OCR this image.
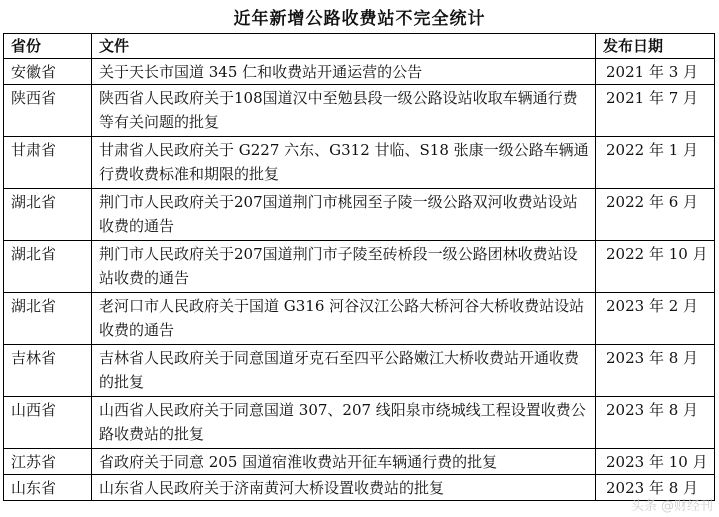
近年新增公路收费站不完全统计
省份	文件	发布日期
安徽省	关于天长市国道 345 仁和收费站开通运营的公告	2021 年 3 月
陕西省	陕西省人民政府关于108国道汉中至勉县段一级公路设站收取车辆通行费等有关问题的批复	2021 年 7 月
甘肃省	甘肃省人民政府关于 G227 六东、G312 甘临、S18 张康一级公路车辆通行费收费标准和期限的批复	2022 年 1 月
湖北省	荆门市人民政府关于207国道荆门市桃园至子陵一级公路双河收费站设站收费的通告	2022 年 6 月
湖北省	荆门市人民政府关于207国道荆门市子陵至砖桥段一级公路团林收费站设站收费的通告	2022 年 10 月
湖北省	老河口市人民政府关于国道 G316 河谷汉江公路大桥河谷大桥收费站设站收费的通告	2023 年 2 月
吉林省	吉林省人民政府关于同意国道牙克石至四平公路嫩江大桥收费站开通收费的批复	2023 年 8 月
山西省	山西省人民政府关于同意国道 307、207 线阳泉市绕城线工程设置收费公路收费站的批复	2023 年 8 月
江苏省	省政府关于同意 205 国道宿淮收费站开征车辆通行费的批复	2023 年 10 月
山东省	山东省人民政府关于济南黄河大桥设置收费站的批复	2023 年 8 月
头条 @财经刊
